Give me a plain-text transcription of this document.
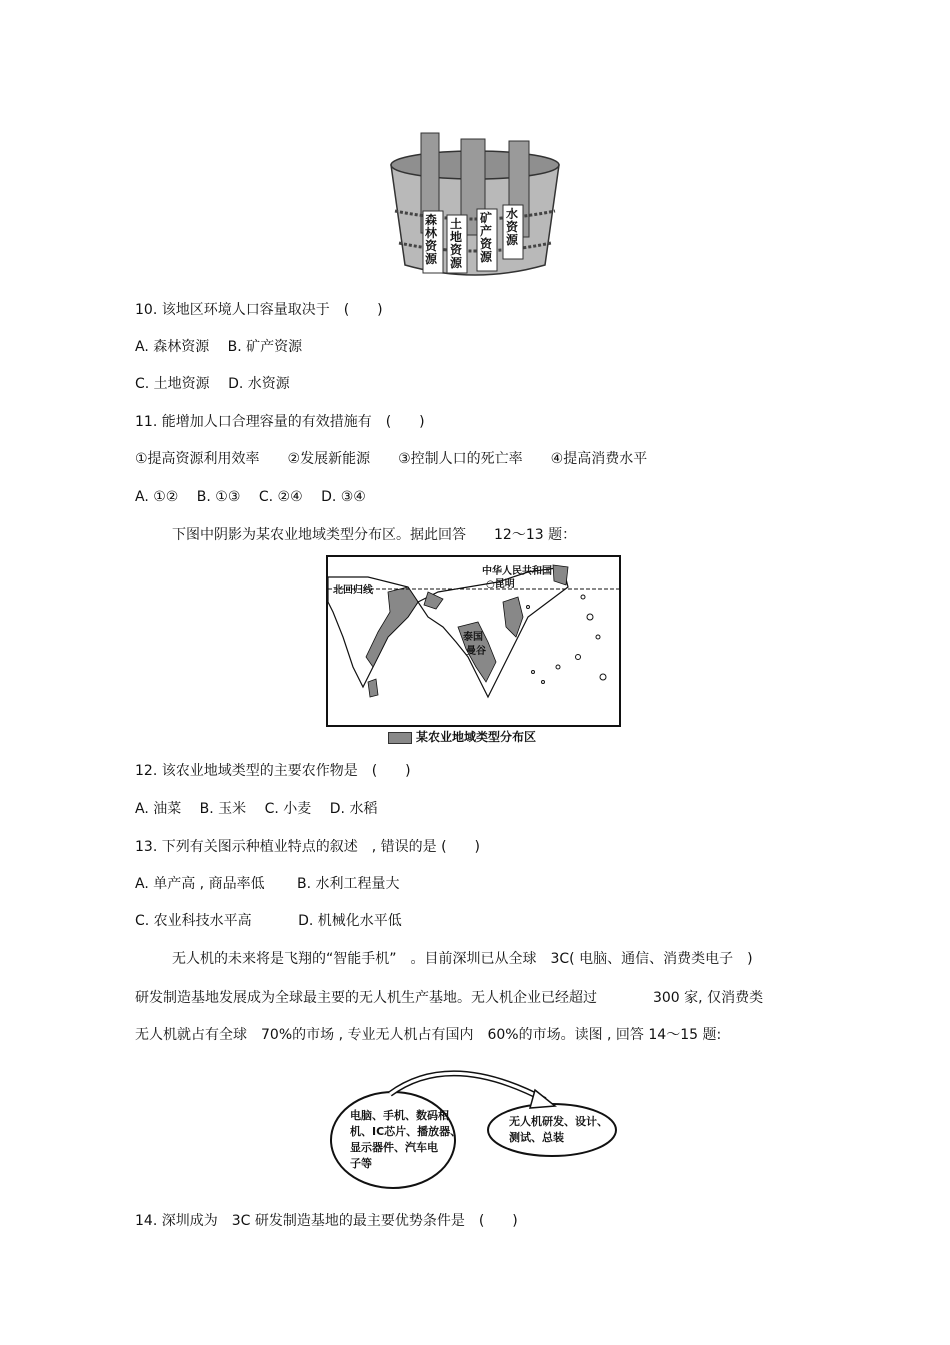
森林资源
土地资源
矿产资源
水资源
10. 该地区环境人口容量取决于　(　　)
A. 森林资源　 B. 矿产资源
C. 土地资源　 D. 水资源
11. 能增加人口合理容量的有效措施有　(　　)
①提高资源利用效率　　②发展新能源　　③控制人口的死亡率　　④提高消费水平
A. ①②　 B. ①③　 C. ②④　 D. ③④
下图中阴影为某农业地域类型分布区。据此回答　　12～13 题：
中华人民共和国
○昆明
北回归线
泰国
曼谷
某农业地域类型分布区
12. 该农业地域类型的主要农作物是　(　　)
A. 油菜　 B. 玉米　 C. 小麦　 D. 水稻
13. 下列有关图示种植业特点的叙述　, 错误的是 (　　)
A. 单产高 , 商品率低　　 B. 水利工程量大
C. 农业科技水平高　　　 D. 机械化水平低
无人机的未来将是飞翔的“智能手机”　。目前深圳已从全球　3C( 电脑、通信、消费类电子　)
研发制造基地发展成为全球最主要的无人机生产基地。无人机企业已经超过　　　　300 家, 仅消费类
无人机就占有全球　70%的市场 , 专业无人机占有国内　60%的市场。读图 , 回答 14～15 题:
电脑、手机、数码相
机、IC芯片、播放器、
显示器件、汽车电
子等
无人机研发、设计、
测试、总装
14. 深圳成为　3C 研发制造基地的最主要优势条件是　(　　)
